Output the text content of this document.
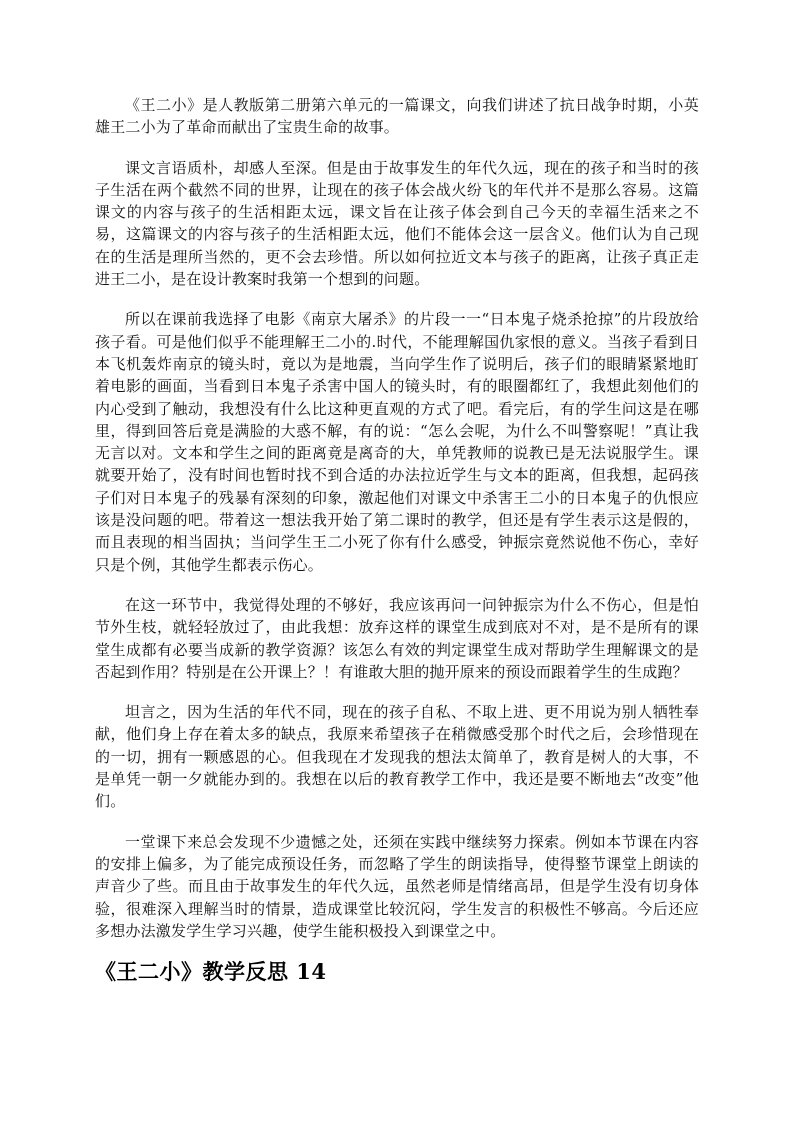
《王二小》是人教版第二册第六单元的一篇课文，向我们讲述了抗日战争时期，小英雄王二小为了革命而献出了宝贵生命的故事。

课文言语质朴，却感人至深。但是由于故事发生的年代久远，现在的孩子和当时的孩子生活在两个截然不同的世界，让现在的孩子体会战火纷飞的年代并不是那么容易。这篇课文的内容与孩子的生活相距太远，课文旨在让孩子体会到自己今天的幸福生活来之不易，这篇课文的内容与孩子的生活相距太远，他们不能体会这一层含义。他们认为自己现在的生活是理所当然的，更不会去珍惜。所以如何拉近文本与孩子的距离，让孩子真正走进王二小，是在设计教案时我第一个想到的问题。

所以在课前我选择了电影《南京大屠杀》的片段一一“日本鬼子烧杀抢掠”的片段放给孩子看。可是他们似乎不能理解王二小的.时代，不能理解国仇家恨的意义。当孩子看到日本飞机轰炸南京的镜头时，竟以为是地震，当向学生作了说明后，孩子们的眼睛紧紧地盯着电影的画面，当看到日本鬼子杀害中国人的镜头时，有的眼圈都红了，我想此刻他们的内心受到了触动，我想没有什么比这种更直观的方式了吧。看完后，有的学生问这是在哪里，得到回答后竟是满脸的大惑不解，有的说：“怎么会呢，为什么不叫警察呢！”真让我无言以对。文本和学生之间的距离竟是离奇的大，单凭教师的说教已是无法说服学生。课就要开始了，没有时间也暂时找不到合适的办法拉近学生与文本的距离，但我想，起码孩子们对日本鬼子的残暴有深刻的印象，激起他们对课文中杀害王二小的日本鬼子的仇恨应该是没问题的吧。带着这一想法我开始了第二课时的教学，但还是有学生表示这是假的，而且表现的相当固执；当问学生王二小死了你有什么感受，钟振宗竟然说他不伤心，幸好只是个例，其他学生都表示伤心。

在这一环节中，我觉得处理的不够好，我应该再问一问钟振宗为什么不伤心，但是怕节外生枝，就轻轻放过了，由此我想：放弃这样的课堂生成到底对不对，是不是所有的课堂生成都有必要当成新的教学资源？该怎么有效的判定课堂生成对帮助学生理解课文的是否起到作用？特别是在公开课上？！有谁敢大胆的抛开原来的预设而跟着学生的生成跑？

坦言之，因为生活的年代不同，现在的孩子自私、不取上进、更不用说为别人牺牲奉献，他们身上存在着太多的缺点，我原来希望孩子在稍微感受那个时代之后，会珍惜现在的一切，拥有一颗感恩的心。但我现在才发现我的想法太简单了，教育是树人的大事，不是单凭一朝一夕就能办到的。我想在以后的教育教学工作中，我还是要不断地去“改变”他们。

一堂课下来总会发现不少遗憾之处，还须在实践中继续努力探索。例如本节课在内容的安排上偏多，为了能完成预设任务，而忽略了学生的朗读指导，使得整节课堂上朗读的声音少了些。而且由于故事发生的年代久远，虽然老师是情绪高昂，但是学生没有切身体验，很难深入理解当时的情景，造成课堂比较沉闷，学生发言的积极性不够高。今后还应多想办法激发学生学习兴趣，使学生能积极投入到课堂之中。

《王二小》教学反思 14
